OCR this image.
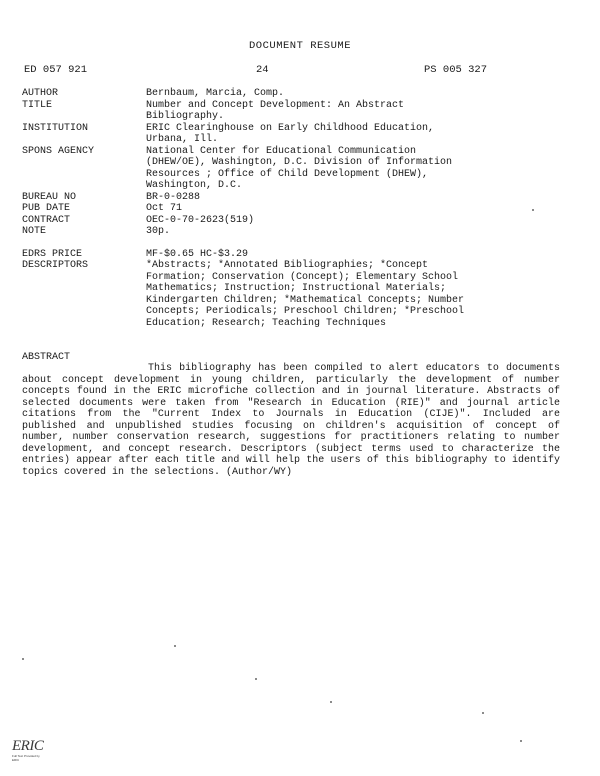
DOCUMENT RESUME
ED 057 921	24	PS 005 327
AUTHOR	Bernbaum, Marcia, Comp.
TITLE	Number and Concept Development: An Abstract
Bibliography.
INSTITUTION	ERIC Clearinghouse on Early Childhood Education,
Urbana, Ill.
SPONS AGENCY	National Center for Educational Communication
(DHEW/OE), Washington, D.C. Division of Information
Resources ; Office of Child Development (DHEW),
Washington, D.C.
BUREAU NO	BR-0-0288
PUB DATE	Oct 71
CONTRACT	OEC-0-70-2623(519)
NOTE	30p.
EDRS PRICE	MF-$0.65 HC-$3.29
DESCRIPTORS	*Abstracts; *Annotated Bibliographies; *Concept
Formation; Conservation (Concept); Elementary School
Mathematics; Instruction; Instructional Materials;
Kindergarten Children; *Mathematical Concepts; Number
Concepts; Periodicals; Preschool Children; *Preschool
Education; Research; Teaching Techniques
ABSTRACT
This bibliography has been compiled to alert educators to documents about concept development in young children, particularly the development of number concepts found in the ERIC microfiche collection and in journal literature. Abstracts of selected documents were taken from "Research in Education (RIE)" and journal article citations from the "Current Index to Journals in Education (CIJE)". Included are published and unpublished studies focusing on children's acquisition of concept of number, number conservation research, suggestions for practitioners relating to number development, and concept research. Descriptors (subject terms used to characterize the entries) appear after each title and will help the users of this bibliography to identify topics covered in the selections. (Author/WY)
ERIC
Full Text Provided by ERIC
